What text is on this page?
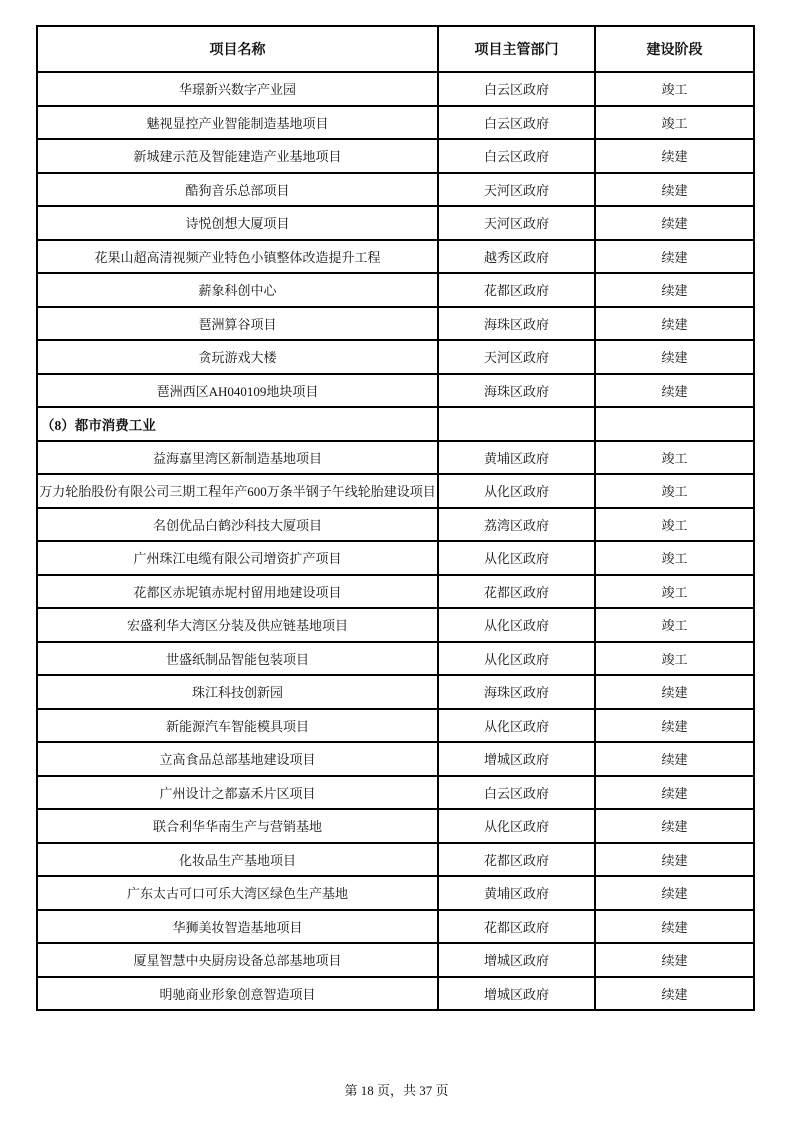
项目名称	项目主管部门	建设阶段
华璟新兴数字产业园	白云区政府	竣工
魅视显控产业智能制造基地项目	白云区政府	竣工
新城建示范及智能建造产业基地项目	白云区政府	续建
酷狗音乐总部项目	天河区政府	续建
诗悦创想大厦项目	天河区政府	续建
花果山超高清视频产业特色小镇整体改造提升工程	越秀区政府	续建
薪象科创中心	花都区政府	续建
琶洲算谷项目	海珠区政府	续建
贪玩游戏大楼	天河区政府	续建
琶洲西区AH040109地块项目	海珠区政府	续建
（8）都市消费工业		
益海嘉里湾区新制造基地项目	黄埔区政府	竣工
万力轮胎股份有限公司三期工程年产600万条半钢子午线轮胎建设项目	从化区政府	竣工
名创优品白鹤沙科技大厦项目	荔湾区政府	竣工
广州珠江电缆有限公司增资扩产项目	从化区政府	竣工
花都区赤坭镇赤坭村留用地建设项目	花都区政府	竣工
宏盛利华大湾区分装及供应链基地项目	从化区政府	竣工
世盛纸制品智能包装项目	从化区政府	竣工
珠江科技创新园	海珠区政府	续建
新能源汽车智能模具项目	从化区政府	续建
立高食品总部基地建设项目	增城区政府	续建
广州设计之都嘉禾片区项目	白云区政府	续建
联合利华华南生产与营销基地	从化区政府	续建
化妆品生产基地项目	花都区政府	续建
广东太古可口可乐大湾区绿色生产基地	黄埔区政府	续建
华狮美妆智造基地项目	花都区政府	续建
厦星智慧中央厨房设备总部基地项目	增城区政府	续建
明驰商业形象创意智造项目	增城区政府	续建
第 18 页，共 37 页
